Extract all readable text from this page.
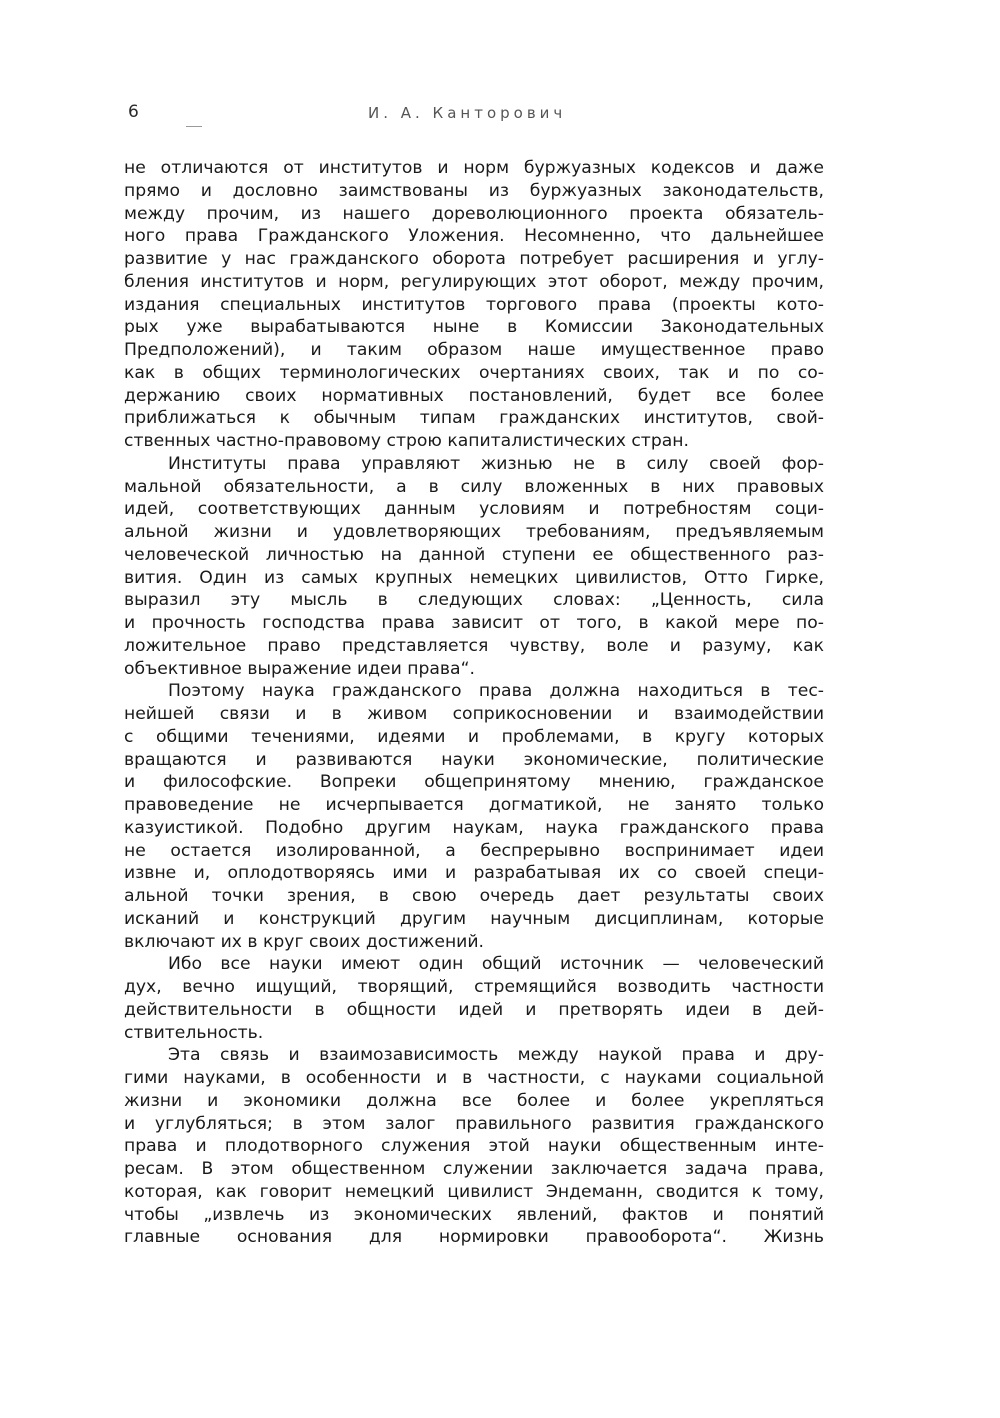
6	И. А. Канторович
не отличаются от институтов и норм буржуазных кодексов и даже
прямо и дословно заимствованы из буржуазных законодательств,
между прочим, из нашего дореволюционного проекта обязатель-
ного права Гражданского Уложения. Несомненно, что дальнейшее
развитие у нас гражданского оборота потребует расширения и углу-
бления институтов и норм, регулирующих этот оборот, между прочим,
издания специальных институтов торгового права (проекты кото-
рых уже вырабатываются ныне в Комиссии Законодательных
Предположений), и таким образом наше имущественное право
как в общих терминологических очертаниях своих, так и по со-
держанию своих нормативных постановлений, будет все более
приближаться к обычным типам гражданских институтов, свой-
ственных частно-правовому строю капиталистических стран.
Институты права управляют жизнью не в силу своей фор-
мальной обязательности, а в силу вложенных в них правовых
идей, соответствующих данным условиям и потребностям соци-
альной жизни и удовлетворяющих требованиям, предъявляемым
человеческой личностью на данной ступени ее общественного раз-
вития. Один из самых крупных немецких цивилистов, Отто Гирке,
выразил эту мысль в следующих словах: „Ценность, сила
и прочность господства права зависит от того, в какой мере по-
ложительное право представляется чувству, воле и разуму, как
объективное выражение идеи права“.
Поэтому наука гражданского права должна находиться в тес-
нейшей связи и в живом соприкосновении и взаимодействии
с общими течениями, идеями и проблемами, в кругу которых
вращаются и развиваются науки экономические, политические
и философские. Вопреки общепринятому мнению, гражданское
правоведение не исчерпывается догматикой, не занято только
казуистикой. Подобно другим наукам, наука гражданского права
не остается изолированной, а беспрерывно воспринимает идеи
извне и, оплодотворяясь ими и разрабатывая их со своей специ-
альной точки зрения, в свою очередь дает результаты своих
исканий и конструкций другим научным дисциплинам, которые
включают их в круг своих достижений.
Ибо все науки имеют один общий источник — человеческий
дух, вечно ищущий, творящий, стремящийся возводить частности
действительности в общности идей и претворять идеи в дей-
ствительность.
Эта связь и взаимозависимость между наукой права и дру-
гими науками, в особенности и в частности, с науками социальной
жизни и экономики должна все более и более укрепляться
и углубляться; в этом залог правильного развития гражданского
права и плодотворного служения этой науки общественным инте-
ресам. В этом общественном служении заключается задача права,
которая, как говорит немецкий цивилист Эндеманн, сводится к тому,
чтобы „извлечь из экономических явлений, фактов и понятий
главные основания для нормировки правооборота“. Жизнь
